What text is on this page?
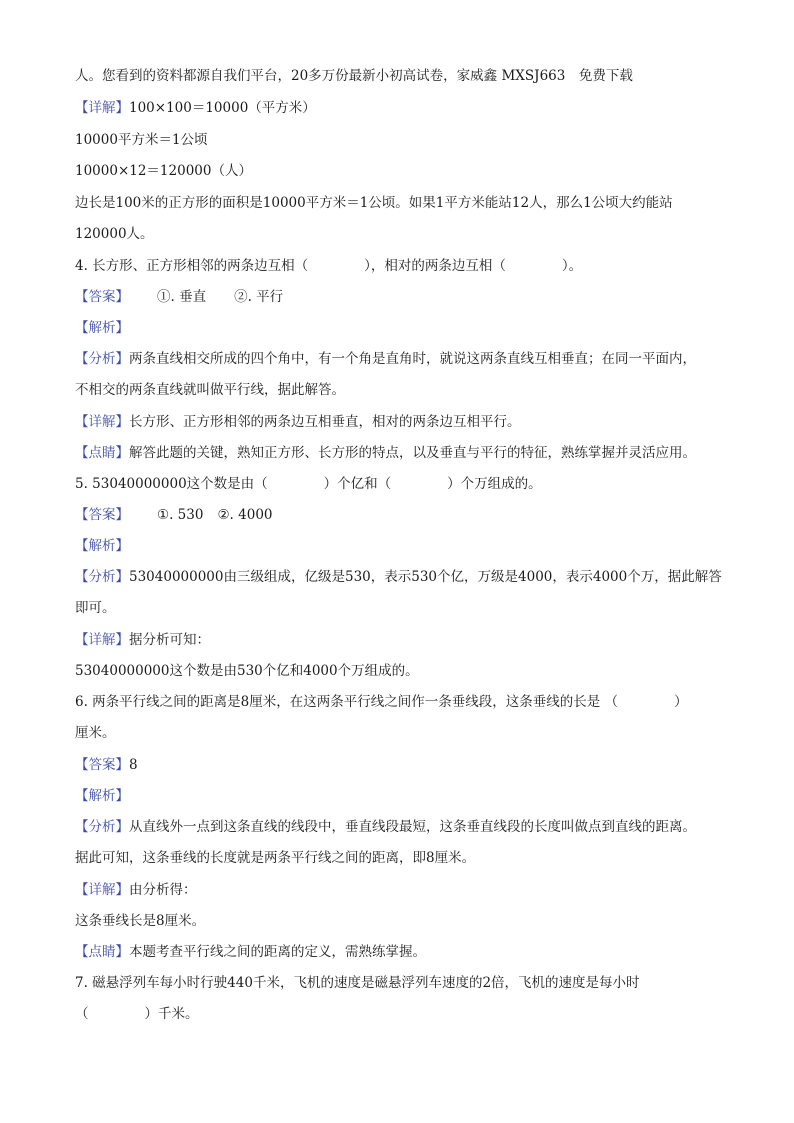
人。您看到的资料都源自我们平台，20多万份最新小初高试卷，家威鑫 MXSJ663　免费下载
【详解】100×100＝10000（平方米）
10000平方米＝1公顷
10000×12＝120000（人）
边长是100米的正方形的面积是10000平方米＝1公顷。如果1平方米能站12人，那么1公顷大约能站
120000人。
4. 长方形、正方形相邻的两条边互相（	），相对的两条边互相（	）。
【答案】 ①. 垂直 ②. 平行
【解析】
【分析】两条直线相交所成的四个角中，有一个角是直角时，就说这两条直线互相垂直；在同一平面内，
不相交的两条直线就叫做平行线，据此解答。
【详解】长方形、正方形相邻的两条边互相垂直，相对的两条边互相平行。
【点睛】解答此题的关键，熟知正方形、长方形的特点，以及垂直与平行的特征，熟练掌握并灵活应用。
5. 53040000000这个数是由（	）个亿和（	）个万组成的。
【答案】 ①. 530 ②. 4000
【解析】
【分析】53040000000由三级组成，亿级是530，表示530个亿，万级是4000，表示4000个万，据此解答
即可。
【详解】据分析可知：
53040000000这个数是由530个亿和4000个万组成的。
6. 两条平行线之间的距离是8厘米，在这两条平行线之间作一条垂线段，这条垂线的长是 （	）
厘米。
【答案】8
【解析】
【分析】从直线外一点到这条直线的线段中，垂直线段最短，这条垂直线段的长度叫做点到直线的距离。
据此可知，这条垂线的长度就是两条平行线之间的距离，即8厘米。
【详解】由分析得：
这条垂线长是8厘米。
【点睛】本题考查平行线之间的距离的定义，需熟练掌握。
7. 磁悬浮列车每小时行驶440千米，飞机的速度是磁悬浮列车速度的2倍，飞机的速度是每小时
（	）千米。
